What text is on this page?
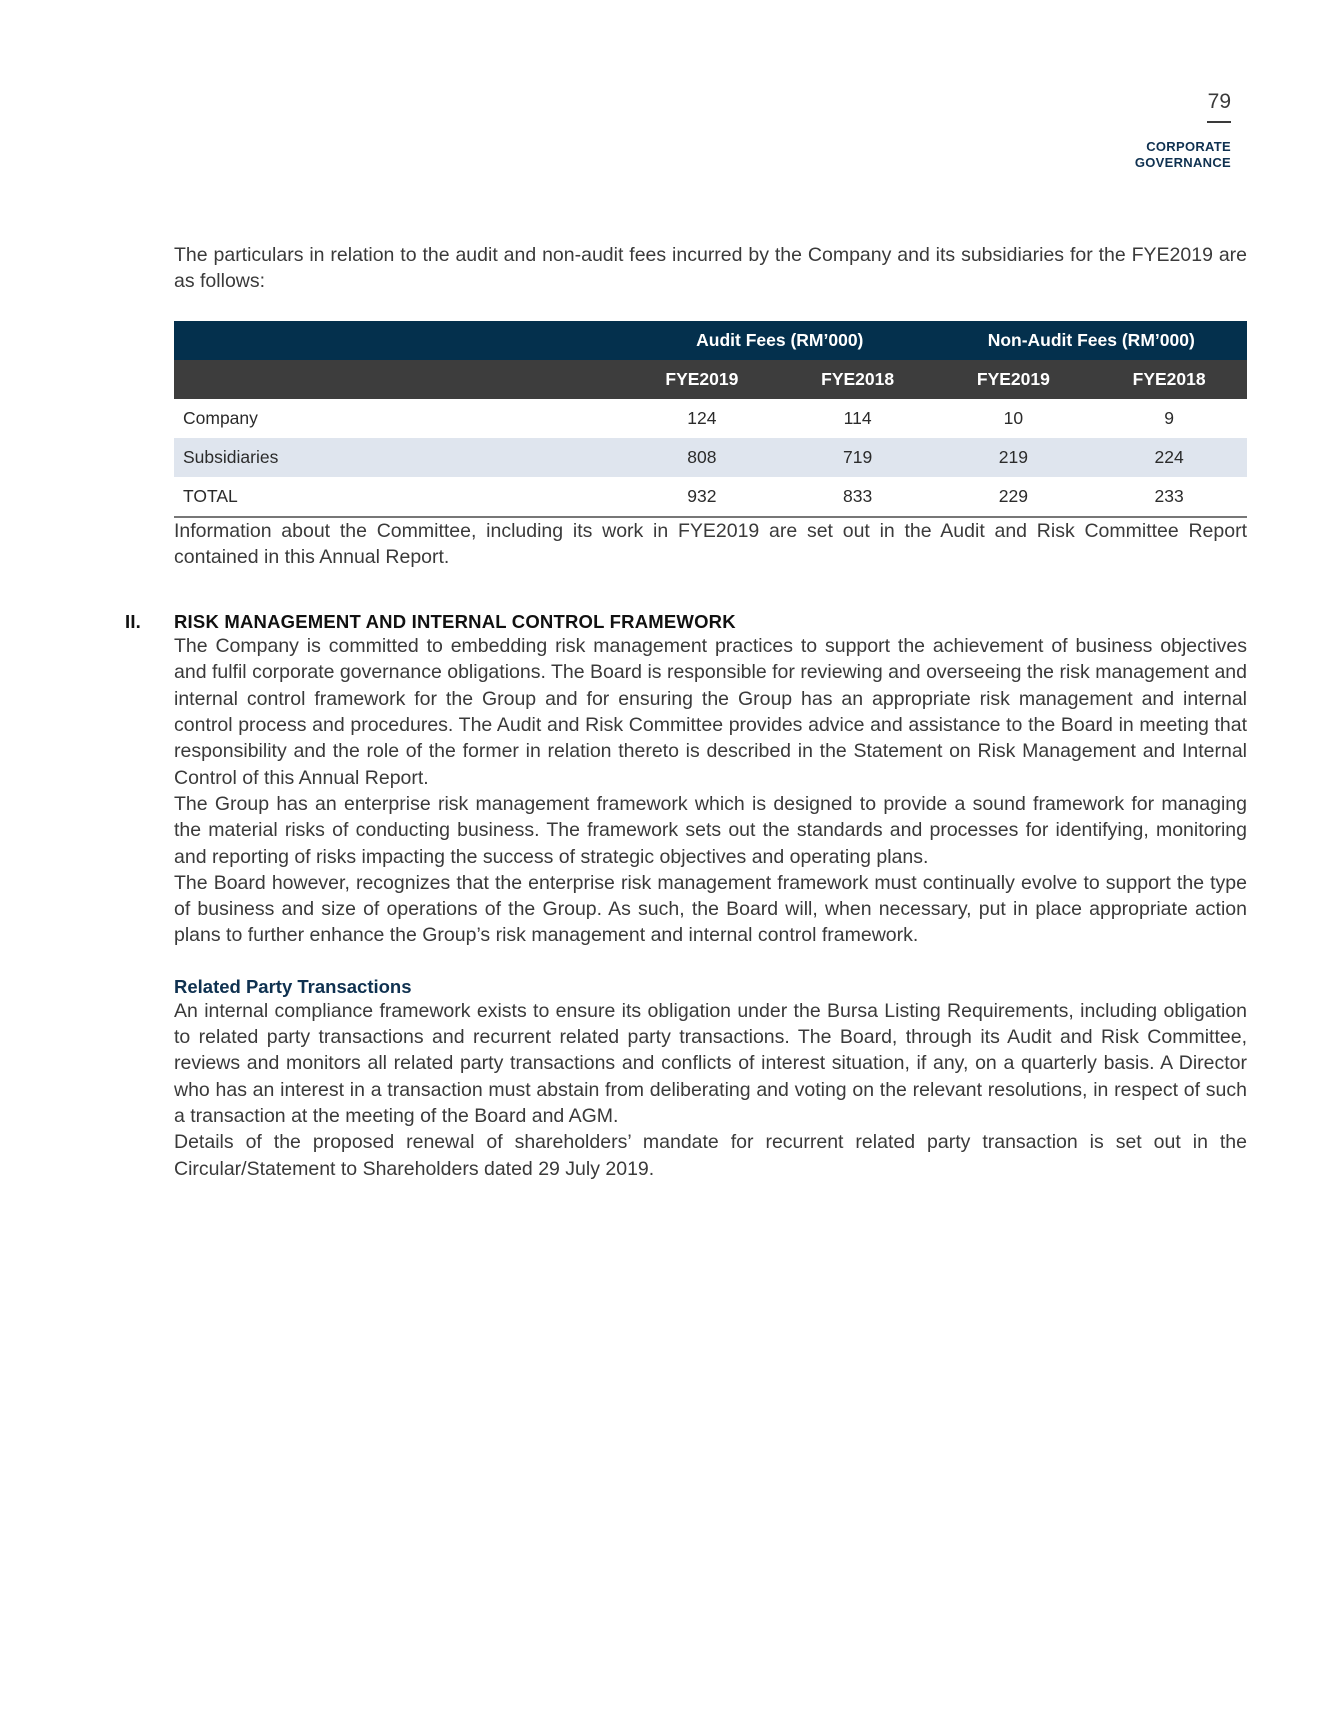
79
CORPORATE
GOVERNANCE

The particulars in relation to the audit and non-audit fees incurred by the Company and its subsidiaries for the FYE2019 are as follows:

	Audit Fees (RM’000)		Non-Audit Fees (RM’000)	
	FYE2019	FYE2018	FYE2019	FYE2018
Company	124	114	10	9
Subsidiaries	808	719	219	224
TOTAL	932	833	229	233

Information about the Committee, including its work in FYE2019 are set out in the Audit and Risk Committee Report contained in this Annual Report.

II. RISK MANAGEMENT AND INTERNAL CONTROL FRAMEWORK

The Company is committed to embedding risk management practices to support the achievement of business objectives and fulfil corporate governance obligations. The Board is responsible for reviewing and overseeing the risk management and internal control framework for the Group and for ensuring the Group has an appropriate risk management and internal control process and procedures. The Audit and Risk Committee provides advice and assistance to the Board in meeting that responsibility and the role of the former in relation thereto is described in the Statement on Risk Management and Internal Control of this Annual Report.

The Group has an enterprise risk management framework which is designed to provide a sound framework for managing the material risks of conducting business. The framework sets out the standards and processes for identifying, monitoring and reporting of risks impacting the success of strategic objectives and operating plans.

The Board however, recognizes that the enterprise risk management framework must continually evolve to support the type of business and size of operations of the Group. As such, the Board will, when necessary, put in place appropriate action plans to further enhance the Group’s risk management and internal control framework.

Related Party Transactions

An internal compliance framework exists to ensure its obligation under the Bursa Listing Requirements, including obligation to related party transactions and recurrent related party transactions. The Board, through its Audit and Risk Committee, reviews and monitors all related party transactions and conflicts of interest situation, if any, on a quarterly basis. A Director who has an interest in a transaction must abstain from deliberating and voting on the relevant resolutions, in respect of such a transaction at the meeting of the Board and AGM.

Details of the proposed renewal of shareholders’ mandate for recurrent related party transaction is set out in the Circular/Statement to Shareholders dated 29 July 2019.
